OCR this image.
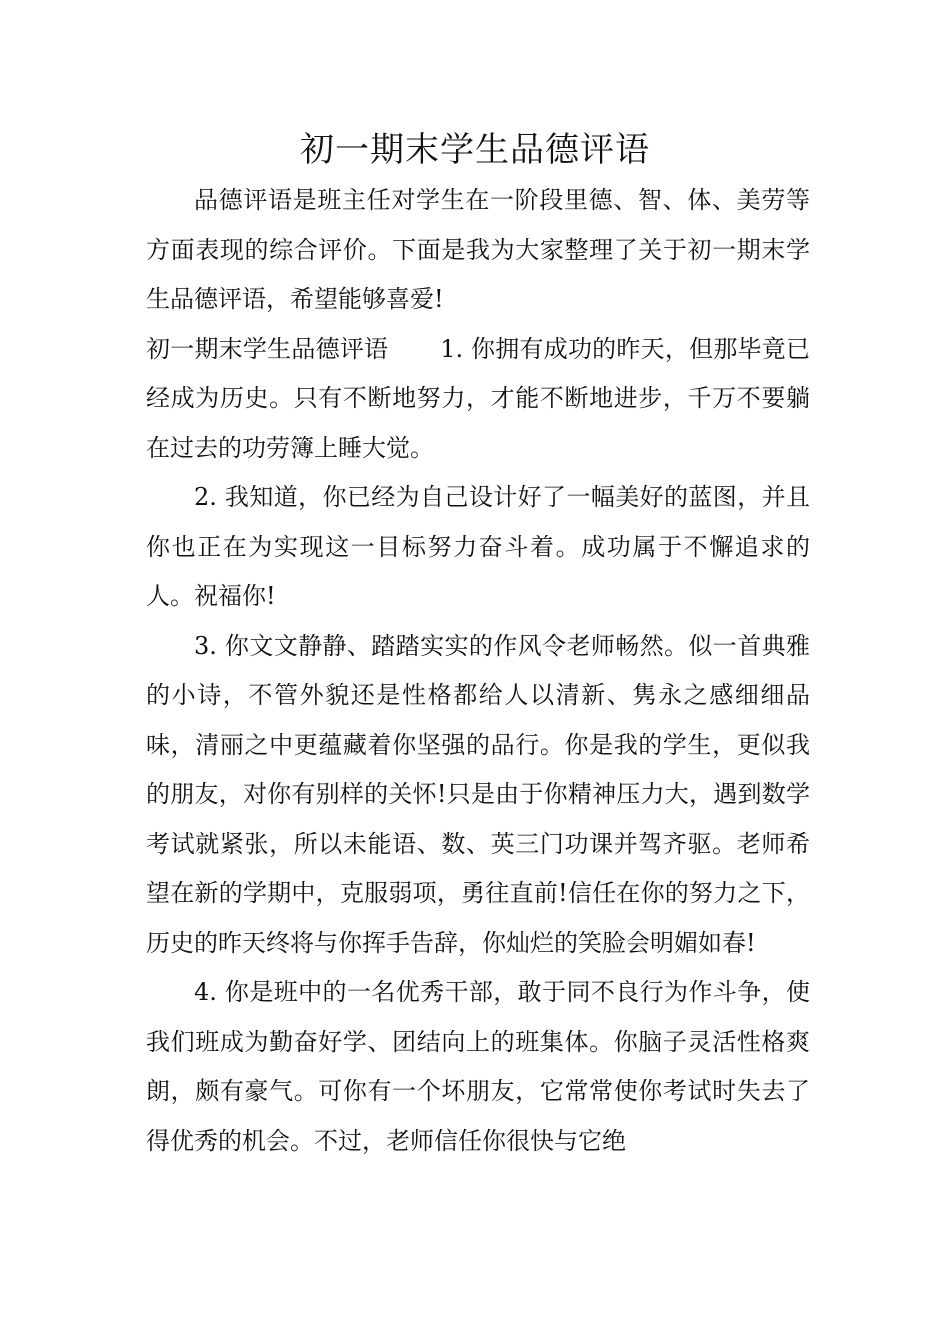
初一期末学生品德评语

品德评语是班主任对学生在一阶段里德、智、体、美劳等方面表现的综合评价。下面是我为大家整理了关于初一期末学生品德评语，希望能够喜爱!

初一期末学生品德评语 1. 你拥有成功的昨天，但那毕竟已经成为历史。只有不断地努力，才能不断地进步，千万不要躺在过去的功劳簿上睡大觉。

2. 我知道，你已经为自己设计好了一幅美好的蓝图，并且你也正在为实现这一目标努力奋斗着。成功属于不懈追求的人。祝福你!

3. 你文文静静、踏踏实实的作风令老师畅然。似一首典雅的小诗，不管外貌还是性格都给人以清新、隽永之感细细品味，清丽之中更蕴藏着你坚强的品行。你是我的学生，更似我的朋友，对你有别样的关怀!只是由于你精神压力大，遇到数学考试就紧张，所以未能语、数、英三门功课并驾齐驱。老师希望在新的学期中，克服弱项，勇往直前!信任在你的努力之下，历史的昨天终将与你挥手告辞，你灿烂的笑脸会明媚如春!

4. 你是班中的一名优秀干部，敢于同不良行为作斗争，使我们班成为勤奋好学、团结向上的班集体。你脑子灵活性格爽朗，颇有豪气。可你有一个坏朋友，它常常使你考试时失去了得优秀的机会。不过，老师信任你很快与它绝
